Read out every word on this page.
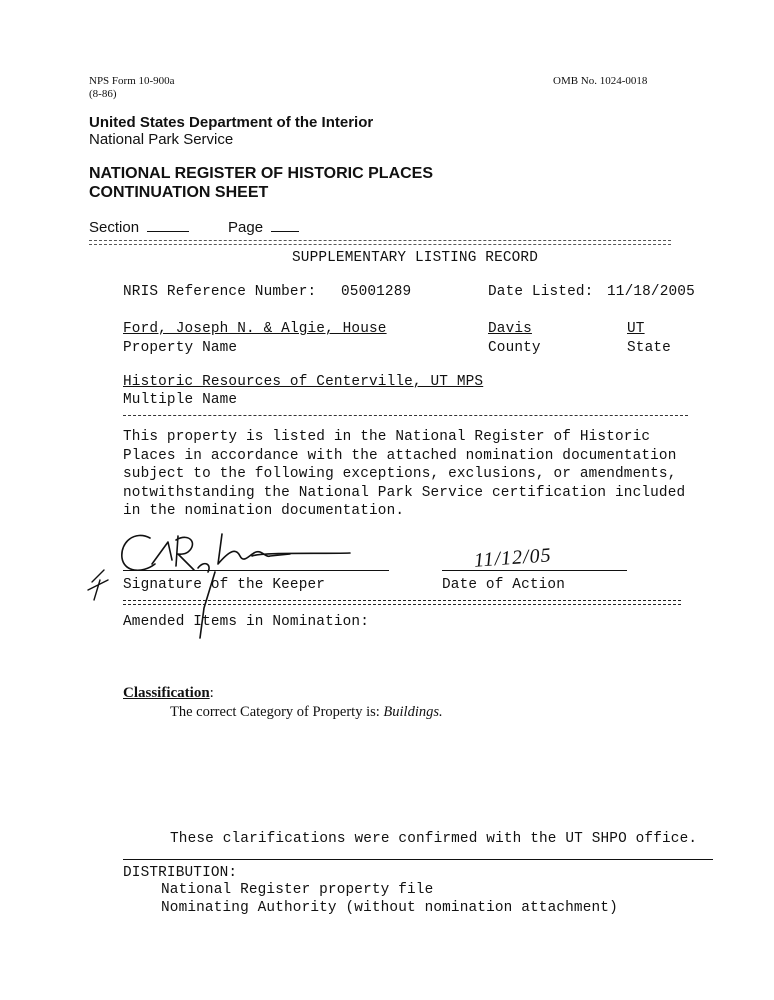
NPS Form 10-900a
(8-86)
OMB No. 1024-0018
United States Department of the Interior
National Park Service
NATIONAL REGISTER OF HISTORIC PLACES
CONTINUATION SHEET
Section	Page
SUPPLEMENTARY LISTING RECORD
NRIS Reference Number: 05001289	Date Listed: 11/18/2005
Ford, Joseph N. & Algie, House	Davis	UT
Property Name	County	State
Historic Resources of Centerville, UT MPS
Multiple Name
This property is listed in the National Register of Historic
Places in accordance with the attached nomination documentation
subject to the following exceptions, exclusions, or amendments,
notwithstanding the National Park Service certification included
in the nomination documentation.
11/12/05
Signature of the Keeper	Date of Action
Amended Items in Nomination:
Classification:
The correct Category of Property is: Buildings.
These clarifications were confirmed with the UT SHPO office.
DISTRIBUTION:
National Register property file
Nominating Authority (without nomination attachment)
